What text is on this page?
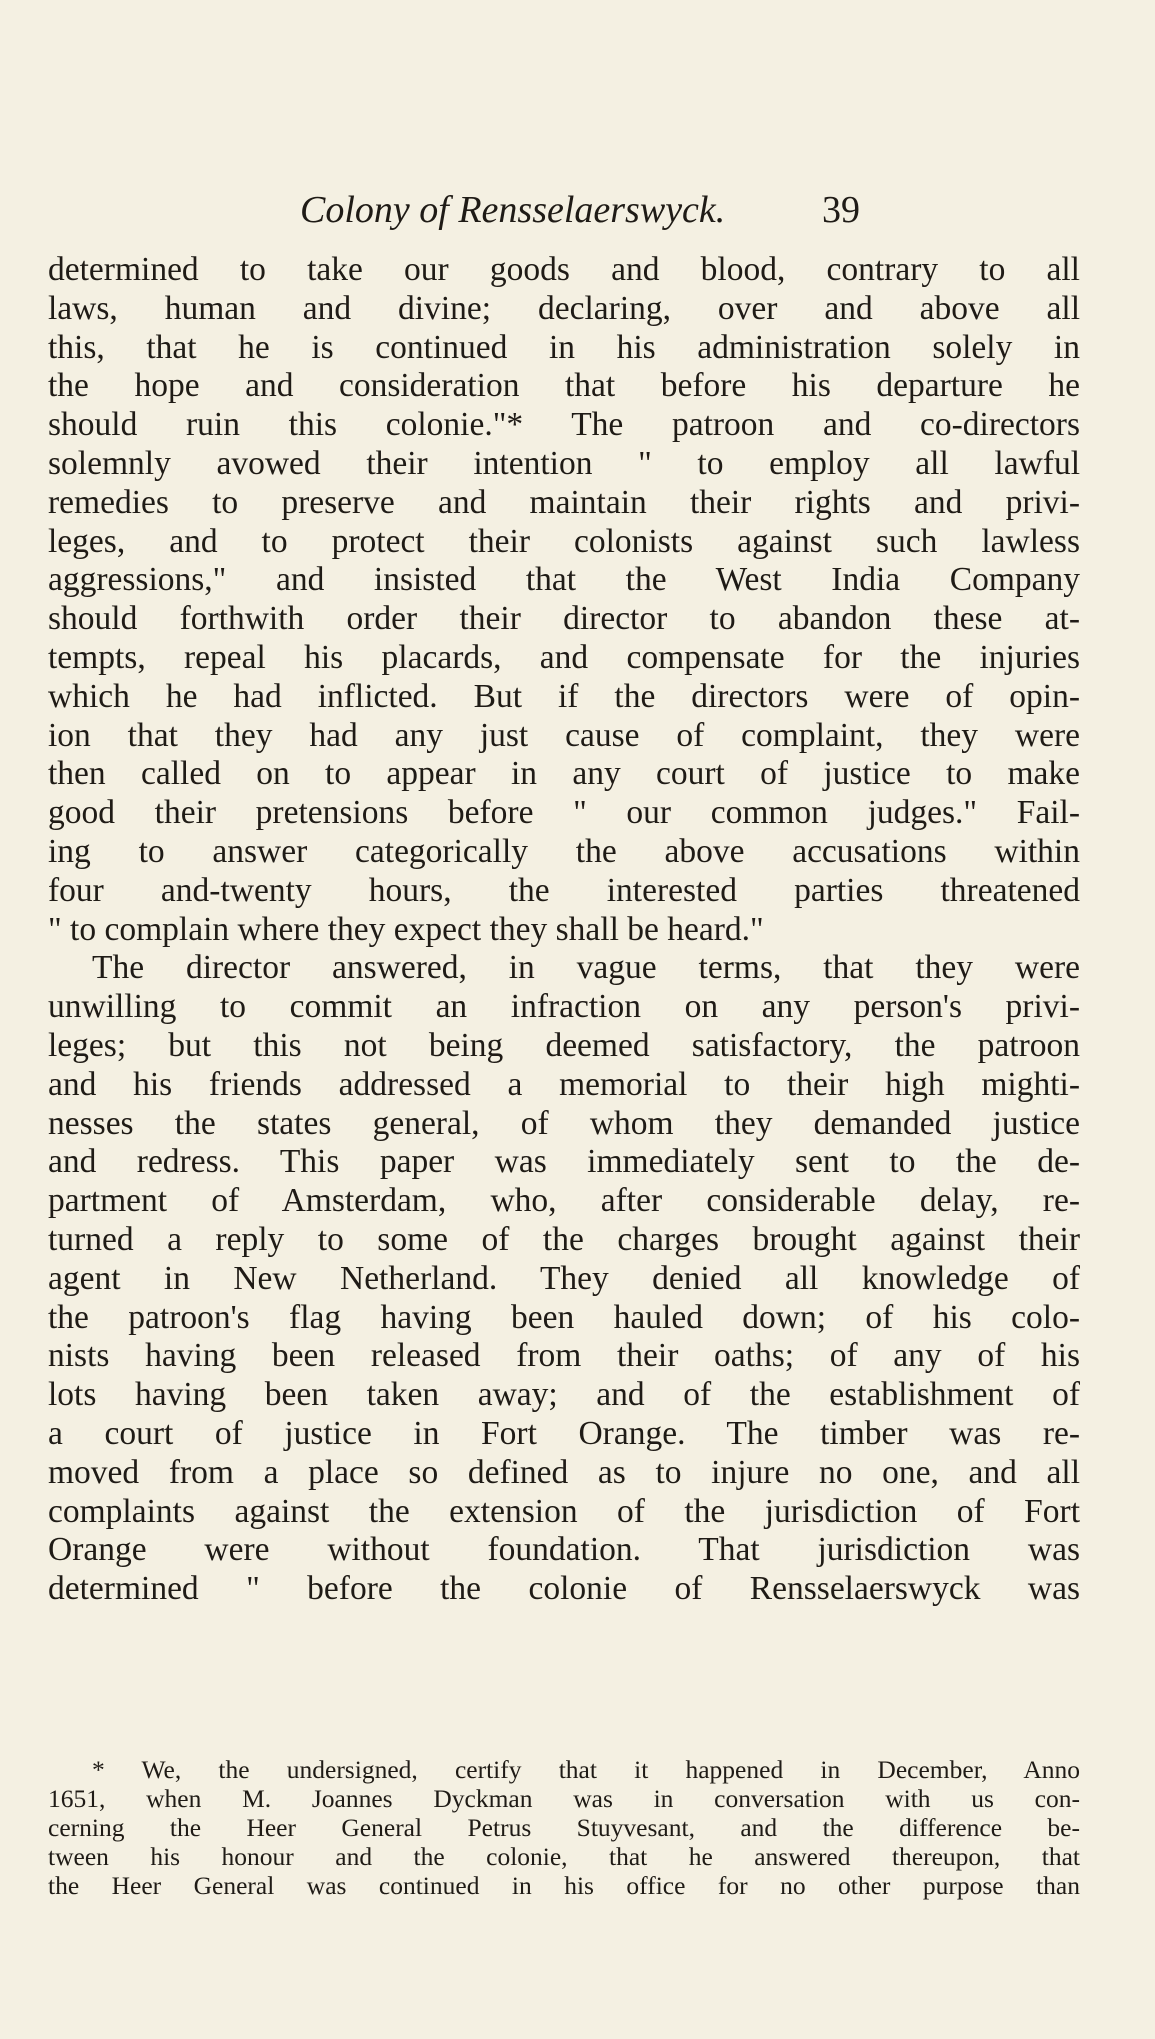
Colony of Rensselaerswyck.	39
determined to take our goods and blood, contrary to all
laws, human and divine; declaring, over and above all
this, that he is continued in his administration solely in
the hope and consideration that before his departure he
should ruin this colonie."* The patroon and co-directors
solemnly avowed their intention " to employ all lawful
remedies to preserve and maintain their rights and privi-
leges, and to protect their colonists against such lawless
aggressions," and insisted that the West India Company
should forthwith order their director to abandon these at-
tempts, repeal his placards, and compensate for the injuries
which he had inflicted. But if the directors were of opin-
ion that they had any just cause of complaint, they were
then called on to appear in any court of justice to make
good their pretensions before " our common judges." Fail-
ing to answer categorically the above accusations within
four and-twenty hours, the interested parties threatened
" to complain where they expect they shall be heard."
The director answered, in vague terms, that they were
unwilling to commit an infraction on any person's privi-
leges; but this not being deemed satisfactory, the patroon
and his friends addressed a memorial to their high mighti-
nesses the states general, of whom they demanded justice
and redress. This paper was immediately sent to the de-
partment of Amsterdam, who, after considerable delay, re-
turned a reply to some of the charges brought against their
agent in New Netherland. They denied all knowledge of
the patroon's flag having been hauled down; of his colo-
nists having been released from their oaths; of any of his
lots having been taken away; and of the establishment of
a court of justice in Fort Orange. The timber was re-
moved from a place so defined as to injure no one, and all
complaints against the extension of the jurisdiction of Fort
Orange were without foundation. That jurisdiction was
determined " before the colonie of Rensselaerswyck was
* We, the undersigned, certify that it happened in December, Anno
1651, when M. Joannes Dyckman was in conversation with us con-
cerning the Heer General Petrus Stuyvesant, and the difference be-
tween his honour and the colonie, that he answered thereupon, that
the Heer General was continued in his office for no other purpose than
